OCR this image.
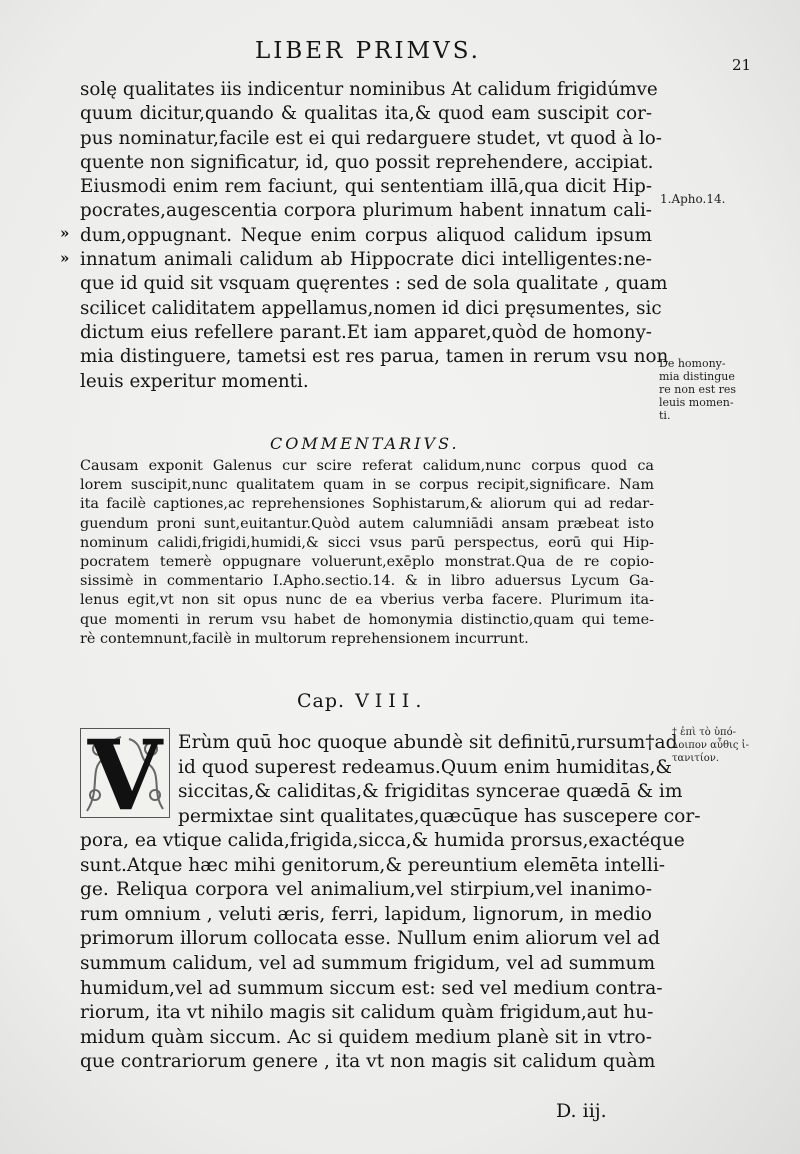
LIBER PRIMVS.
21
solę qualitates iis indicentur nominibus At calidum frigidúmve
quum dicitur,quando & qualitas ita,& quod eam suscipit cor-
pus nominatur,facile est ei qui redarguere studet, vt quod à lo-
quente non significatur, id, quo possit reprehendere, accipiat.
Eiusmodi enim rem faciunt, qui sententiam illā,qua dicit Hip-
pocrates,augescentia corpora plurimum habent innatum cali-
dum,oppugnant. Neque enim corpus aliquod calidum ipsum
innatum animali calidum ab Hippocrate dici intelligentes:ne-
que id quid sit vsquam quęrentes : sed de sola qualitate , quam
scilicet caliditatem appellamus,nomen id dici pręsumentes, sic
dictum eius refellere parant.Et iam apparet,quòd de homony-
mia distinguere, tametsi est res parua, tamen in rerum vsu non
leuis experitur momenti.
»
»
1.Apho.14.
De homony-
mia distingue
re non est res
leuis momen-
ti.
COMMENTARIVS.
Causam exponit Galenus cur scire referat calidum,nunc corpus quod ca
lorem suscipit,nunc qualitatem quam in se corpus recipit,significare. Nam
ita facilè captiones,ac reprehensiones Sophistarum,& aliorum qui ad redar-
guendum proni sunt,euitantur.Quòd autem calumniādi ansam præbeat isto
nominum calidi,frigidi,humidi,& sicci vsus parū perspectus, eorū qui Hip-
pocratem temerè oppugnare voluerunt,exēplo monstrat.Qua de re copio-
sissimè in commentario I.Apho.sectio.14. & in libro aduersus Lycum Ga-
lenus egit,vt non sit opus nunc de ea vberius verba facere. Plurimum ita-
que momenti in rerum vsu habet de homonymia distinctio,quam qui teme-
rè contemnunt,facilè in multorum reprehensionem incurrunt.
Cap. VIII.
V Erùm quū hoc quoque abundè sit definitū,rursum†ad
id quod superest redeamus.Quum enim humiditas,&
siccitas,& caliditas,& frigiditas syncerae quædā & im
permixtae sint qualitates,quæcūque has suscepere cor-
pora, ea vtique calida,frigida,sicca,& humida prorsus,exactéque
sunt.Atque hæc mihi genitorum,& pereuntium elemēta intelli-
ge. Reliqua corpora vel animalium,vel stirpium,vel inanimo-
rum omnium , veluti æris, ferri, lapidum, lignorum, in medio
primorum illorum collocata esse. Nullum enim aliorum vel ad
summum calidum, vel ad summum frigidum, vel ad summum
humidum,vel ad summum siccum est: sed vel medium contra-
riorum, ita vt nihilo magis sit calidum quàm frigidum,aut hu-
midum quàm siccum. Ac si quidem medium planè sit in vtro-
que contrariorum genere , ita vt non magis sit calidum quàm
† ἐπὶ τὸ ὑπό-
λοιπον αὖθις ἰ-
τανιτίον.
D. iij.
